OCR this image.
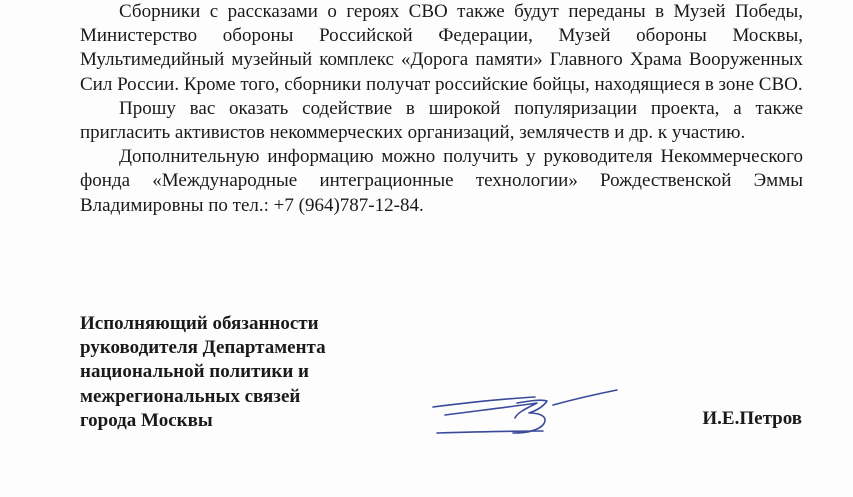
Сборники с рассказами о героях СВО также будут переданы в Музей Победы, Министерство обороны Российской Федерации, Музей обороны Москвы, Мультимедийный музейный комплекс «Дорога памяти» Главного Храма Вооруженных Сил России. Кроме того, сборники получат российские бойцы, находящиеся в зоне СВО.

Прошу вас оказать содействие в широкой популяризации проекта, а также пригласить активистов некоммерческих организаций, землячеств и др. к участию.

Дополнительную информацию можно получить у руководителя Некоммерческого фонда «Международные интеграционные технологии» Рождественской Эммы Владимировны по тел.: +7 (964)787-12-84.

Исполняющий обязанности
руководителя Департамента
национальной политики и
межрегиональных связей
города Москвы	И.Е.Петров
